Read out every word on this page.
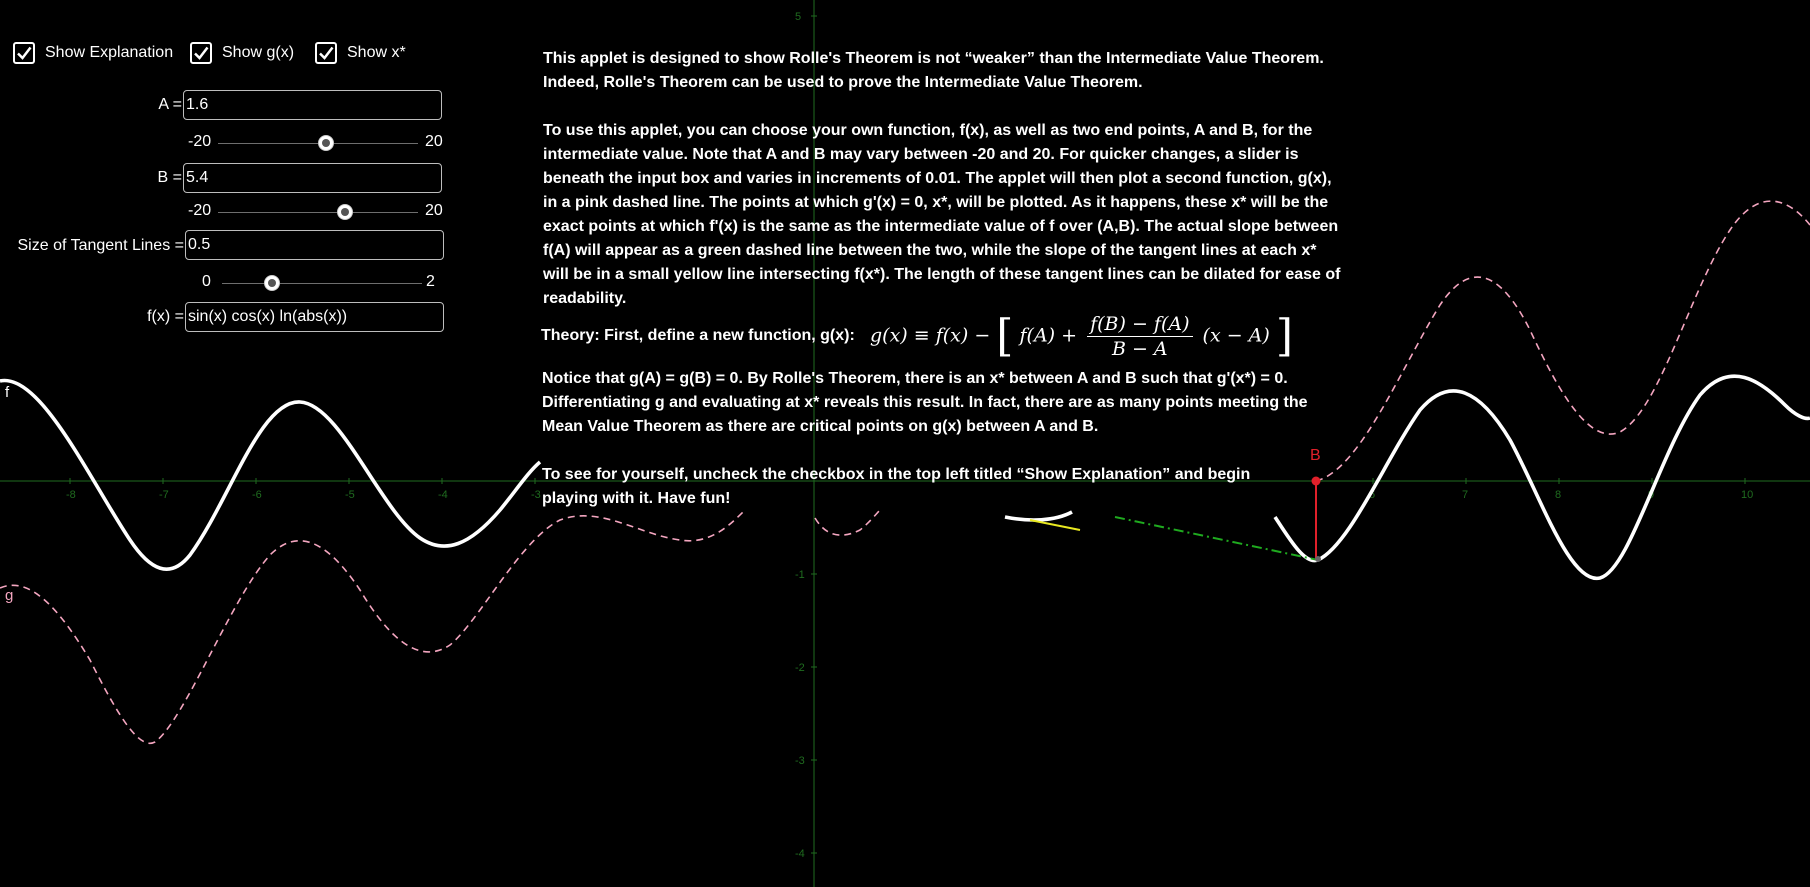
-8	-7	-6	-5	-4	-3	6	7	8	9	10
5
-1
-2
-3
-4
B
f
g
Show Explanation	Show g(x)	Show x*
A =
1.6
-20	20
B =
5.4
-20	20
Size of Tangent Lines =
0.5
0	2
f(x) =
sin(x) cos(x) ln(abs(x))
This applet is designed to show Rolle's Theorem is not “weaker” than the Intermediate Value Theorem. Indeed, Rolle's Theorem can be used to prove the Intermediate Value Theorem.
To use this applet, you can choose your own function, f(x), as well as two end points, A and B, for the intermediate value. Note that A and B may vary between -20 and 20. For quicker changes, a slider is beneath the input box and varies in increments of 0.01. The applet will then plot a second function, g(x), in a pink dashed line. The points at which g'(x) = 0, x*, will be plotted. As it happens, these x* will be the exact points at which f'(x) is the same as the intermediate value of f over (A,B). The actual slope between f(A) will appear as a green dashed line between the two, while the slope of the tangent lines at each x* will be in a small yellow line intersecting f(x*). The length of these tangent lines can be dilated for ease of readability.
Theory: First, define a new function, g(x): g(x) ≡ f(x) − [ $f(A) + \frac{f(B) - f(A)}{B - A} (x - A)$ ]
Notice that g(A) = g(B) = 0. By Rolle's Theorem, there is an x* between A and B such that g'(x*) = 0. Differentiating g and evaluating at x* reveals this result. In fact, there are as many points meeting the Mean Value Theorem as there are critical points on g(x) between A and B.
To see for yourself, uncheck the checkbox in the top left titled “Show Explanation” and begin playing with it. Have fun!
